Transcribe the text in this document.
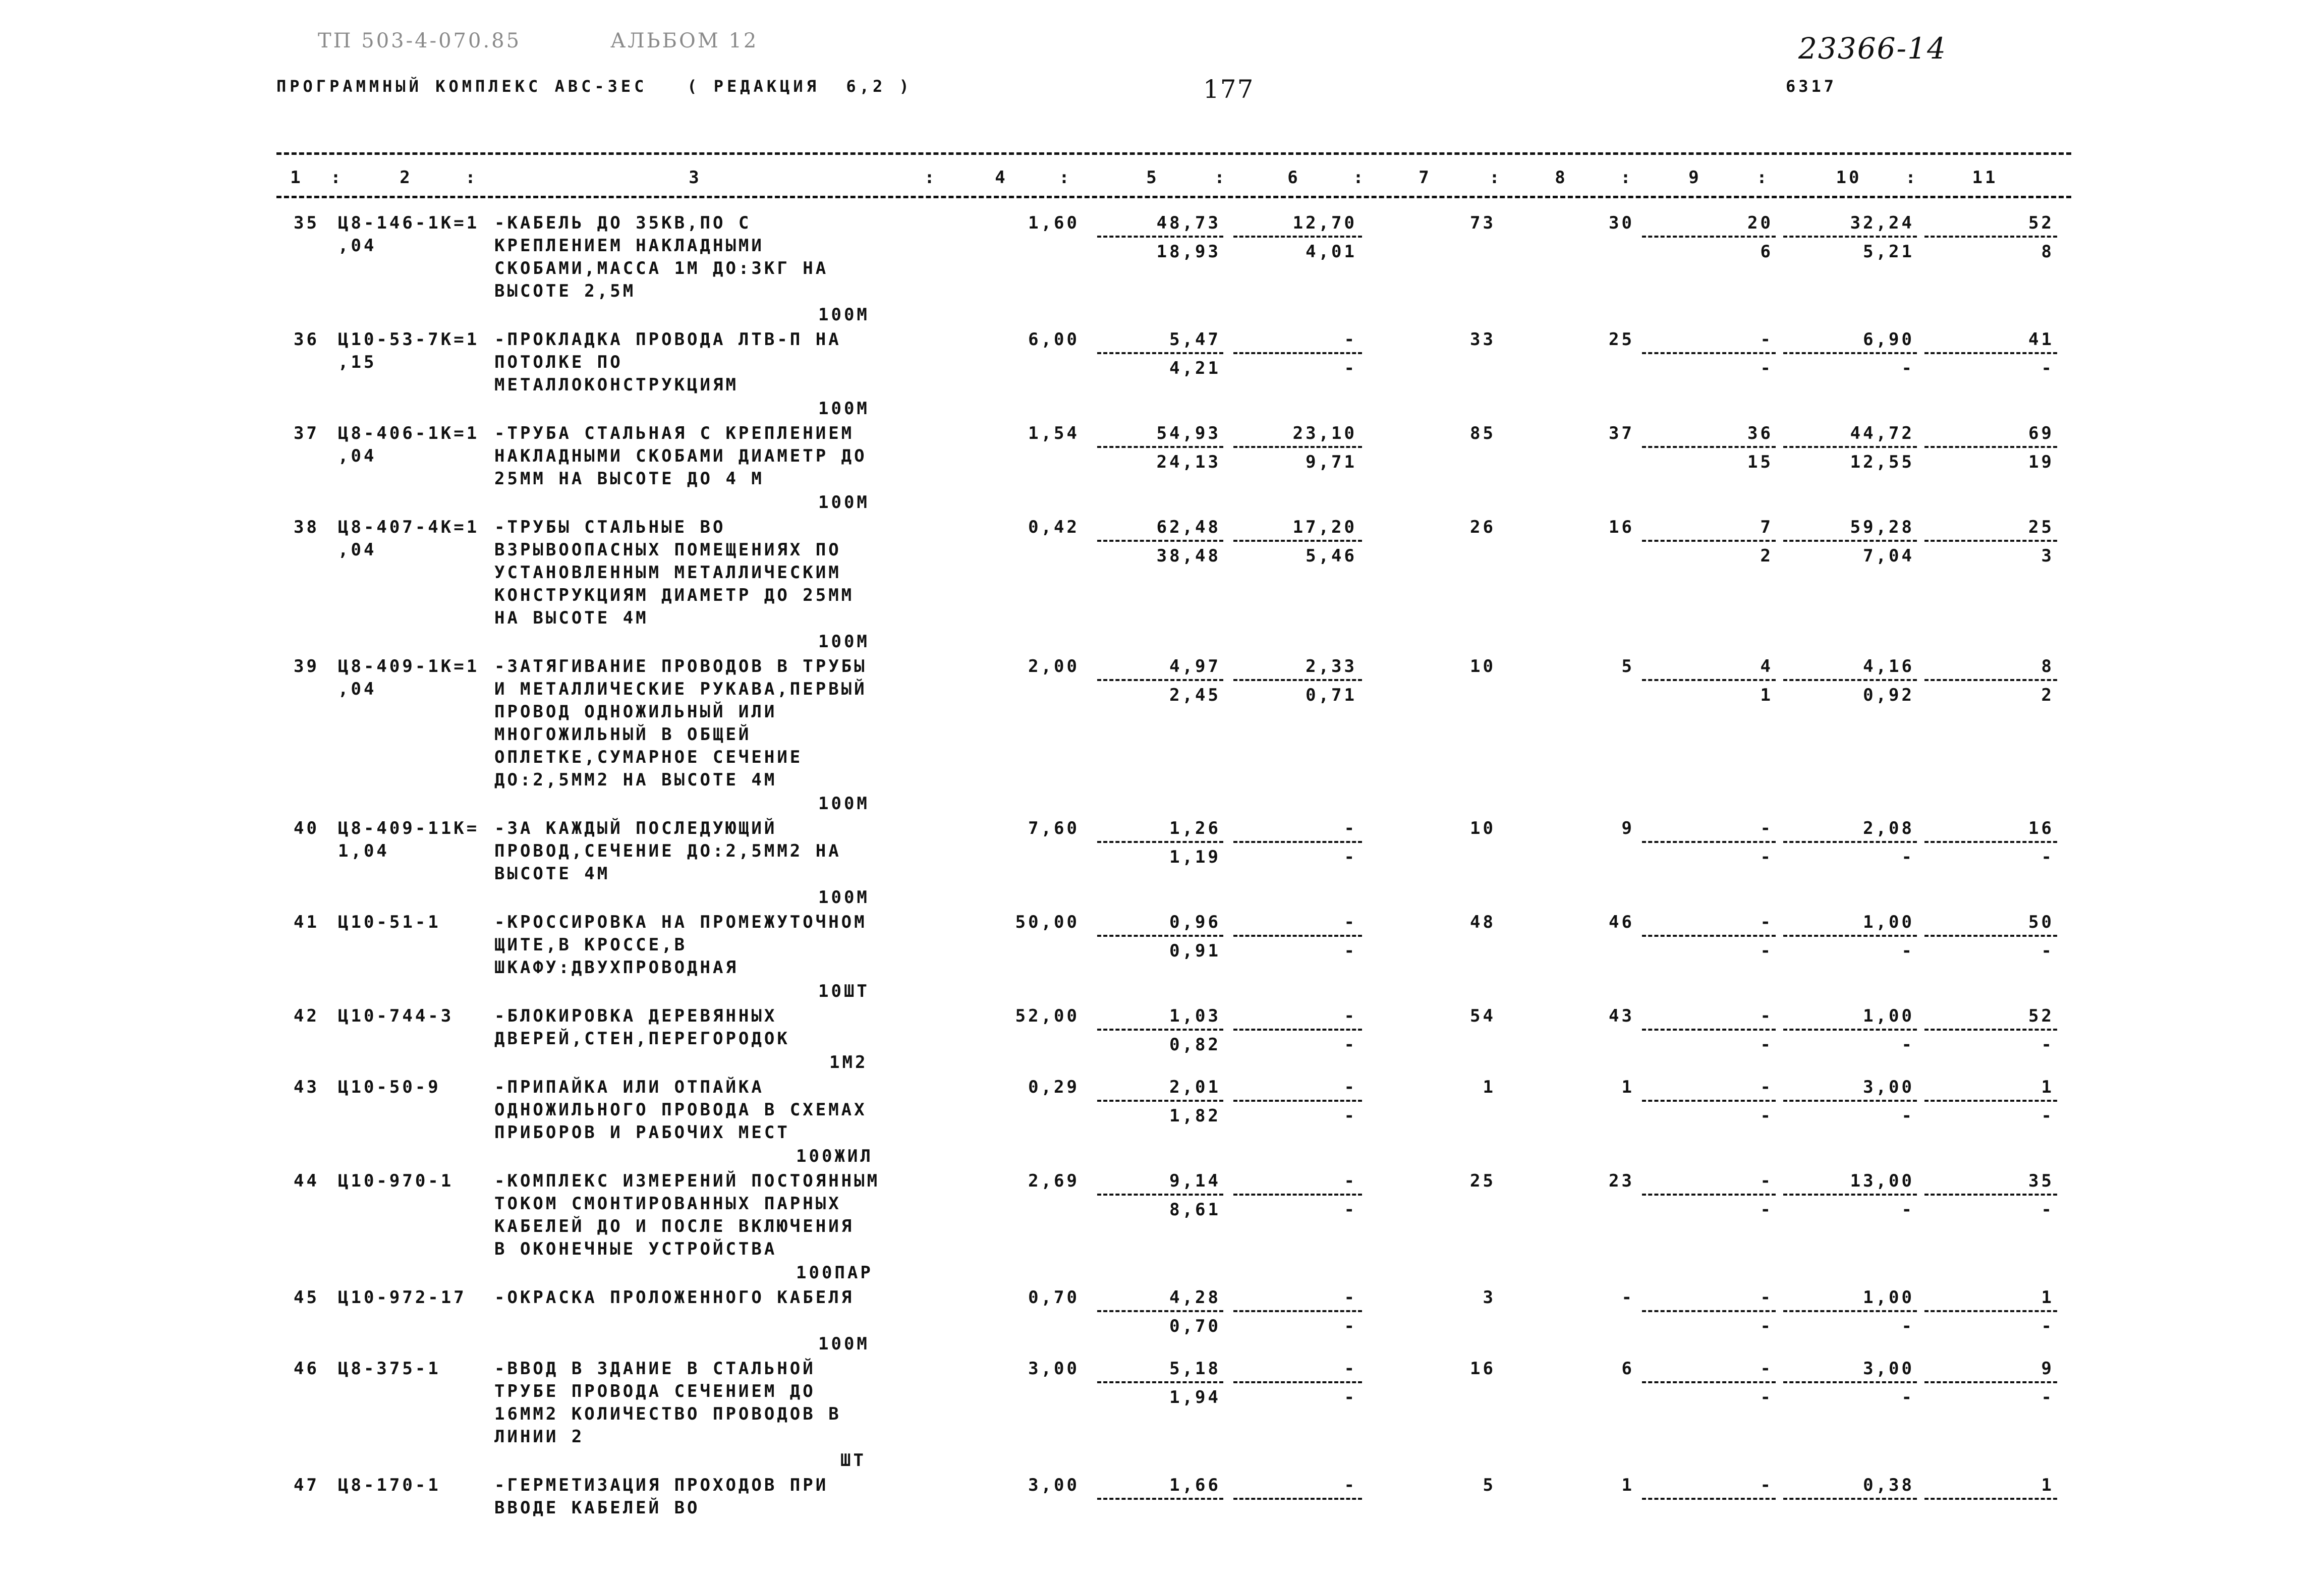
ТП 503-4-070.85	АЛЬБОМ 12
ПРОГРАММНЫЙ КОМПЛЕКС АВС-3ЕС   ( РЕДАКЦИЯ  6,2 )	177
23366-14
6317
1	:	2	:	3	:	4	:	5	:	6	:	7	:	8	:	9	:	10	:	11
35 Ц8-146-1К=1
,04
-КАБЕЛЬ ДО 35КВ,ПО С
КРЕПЛЕНИЕМ НАКЛАДНЫМИ
СКОБАМИ,МАССА 1М ДО:3КГ НА
ВЫСОТЕ 2,5М
1,60	48,73	12,70	73	30	20	32,24	52
18,93	4,01	6	5,21	8
100М
36 Ц10-53-7К=1
,15
-ПРОКЛАДКА ПРОВОДА ЛТВ-П НА
ПОТОЛКЕ ПО
МЕТАЛЛОКОНСТРУКЦИЯМ
6,00	5,47	-	33	25	-	6,90	41
4,21	-	-	-	-
100М
37 Ц8-406-1К=1
,04
-ТРУБА СТАЛЬНАЯ С КРЕПЛЕНИЕМ
НАКЛАДНЫМИ СКОБАМИ ДИАМЕТР ДО
25ММ НА ВЫСОТЕ ДО 4 М
1,54	54,93	23,10	85	37	36	44,72	69
24,13	9,71	15	12,55	19
100М
38 Ц8-407-4К=1
,04
-ТРУБЫ СТАЛЬНЫЕ ВО
ВЗРЫВООПАСНЫХ ПОМЕЩЕНИЯХ ПО
УСТАНОВЛЕННЫМ МЕТАЛЛИЧЕСКИМ
КОНСТРУКЦИЯМ ДИАМЕТР ДО 25ММ
НА ВЫСОТЕ 4М
0,42	62,48	17,20	26	16	7	59,28	25
38,48	5,46	2	7,04	3
100М
39 Ц8-409-1К=1
,04
-ЗАТЯГИВАНИЕ ПРОВОДОВ В ТРУБЫ
И МЕТАЛЛИЧЕСКИЕ РУКАВА,ПЕРВЫЙ
ПРОВОД ОДНОЖИЛЬНЫЙ ИЛИ
МНОГОЖИЛЬНЫЙ В ОБЩЕЙ
ОПЛЕТКЕ,СУМАРНОЕ СЕЧЕНИЕ
ДО:2,5ММ2 НА ВЫСОТЕ 4М
2,00	4,97	2,33	10	5	4	4,16	8
2,45	0,71	1	0,92	2
100М
40 Ц8-409-11К=
1,04
-ЗА КАЖДЫЙ ПОСЛЕДУЮЩИЙ
ПРОВОД,СЕЧЕНИЕ ДО:2,5ММ2 НА
ВЫСОТЕ 4М
7,60	1,26	-	10	9	-	2,08	16
1,19	-	-	-	-
100М
41 Ц10-51-1	-КРОССИРОВКА НА ПРОМЕЖУТОЧНОМ
ЩИТЕ,В КРОССЕ,В
ШКАФУ:ДВУХПРОВОДНАЯ
50,00	0,96	-	48	46	-	1,00	50
0,91	-	-	-	-
10ШТ
42 Ц10-744-3 -БЛОКИРОВКА ДЕРЕВЯННЫХ
ДВЕРЕЙ,СТЕН,ПЕРЕГОРОДОК
52,00	1,03	-	54	43	-	1,00	52
0,82	-	-	-	-
1М2
43 Ц10-50-9	-ПРИПАЙКА ИЛИ ОТПАЙКА
ОДНОЖИЛЬНОГО ПРОВОДА В СХЕМАХ
ПРИБОРОВ И РАБОЧИХ МЕСТ
0,29	2,01	-	1	1	-	3,00	1
1,82	-	-	-	-
100ЖИЛ
44 Ц10-970-1 -КОМПЛЕКС ИЗМЕРЕНИЙ ПОСТОЯННЫМ
ТОКОМ СМОНТИРОВАННЫХ ПАРНЫХ
КАБЕЛЕЙ ДО И ПОСЛЕ ВКЛЮЧЕНИЯ
В ОКОНЕЧНЫЕ УСТРОЙСТВА
2,69	9,14	-	25	23	-	13,00	35
8,61	-	-	-	-
100ПАР
45 Ц10-972-17 -ОКРАСКА ПРОЛОЖЕННОГО КАБЕЛЯ	0,70	4,28	-	3	-	-	1,00	1
0,70	-	-	-	-
100М
46 Ц8-375-1	-ВВОД В ЗДАНИЕ В СТАЛЬНОЙ
ТРУБЕ ПРОВОДА СЕЧЕНИЕМ ДО
16ММ2 КОЛИЧЕСТВО ПРОВОДОВ В
ЛИНИИ 2
3,00	5,18	-	16	6	-	3,00	9
1,94	-	-	-	-
ШТ
47 Ц8-170-1	-ГЕРМЕТИЗАЦИЯ ПРОХОДОВ ПРИ
ВВОДЕ КАБЕЛЕЙ ВО
3,00	1,66	-	5	1	-	0,38	1
